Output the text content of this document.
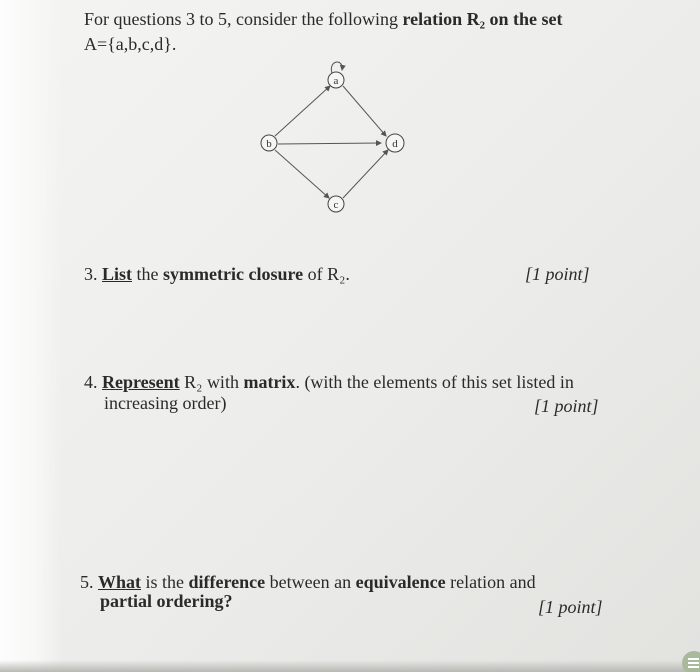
For questions 3 to 5, consider the following relation R₂ on the set
A={a,b,c,d}.
a
b
c
d
3. List the symmetric closure of R₂.	[1 point]
4. Represent R₂ with matrix. (with the elements of this set listed in
increasing order)	[1 point]
5. What is the difference between an equivalence relation and
partial ordering?	[1 point]
